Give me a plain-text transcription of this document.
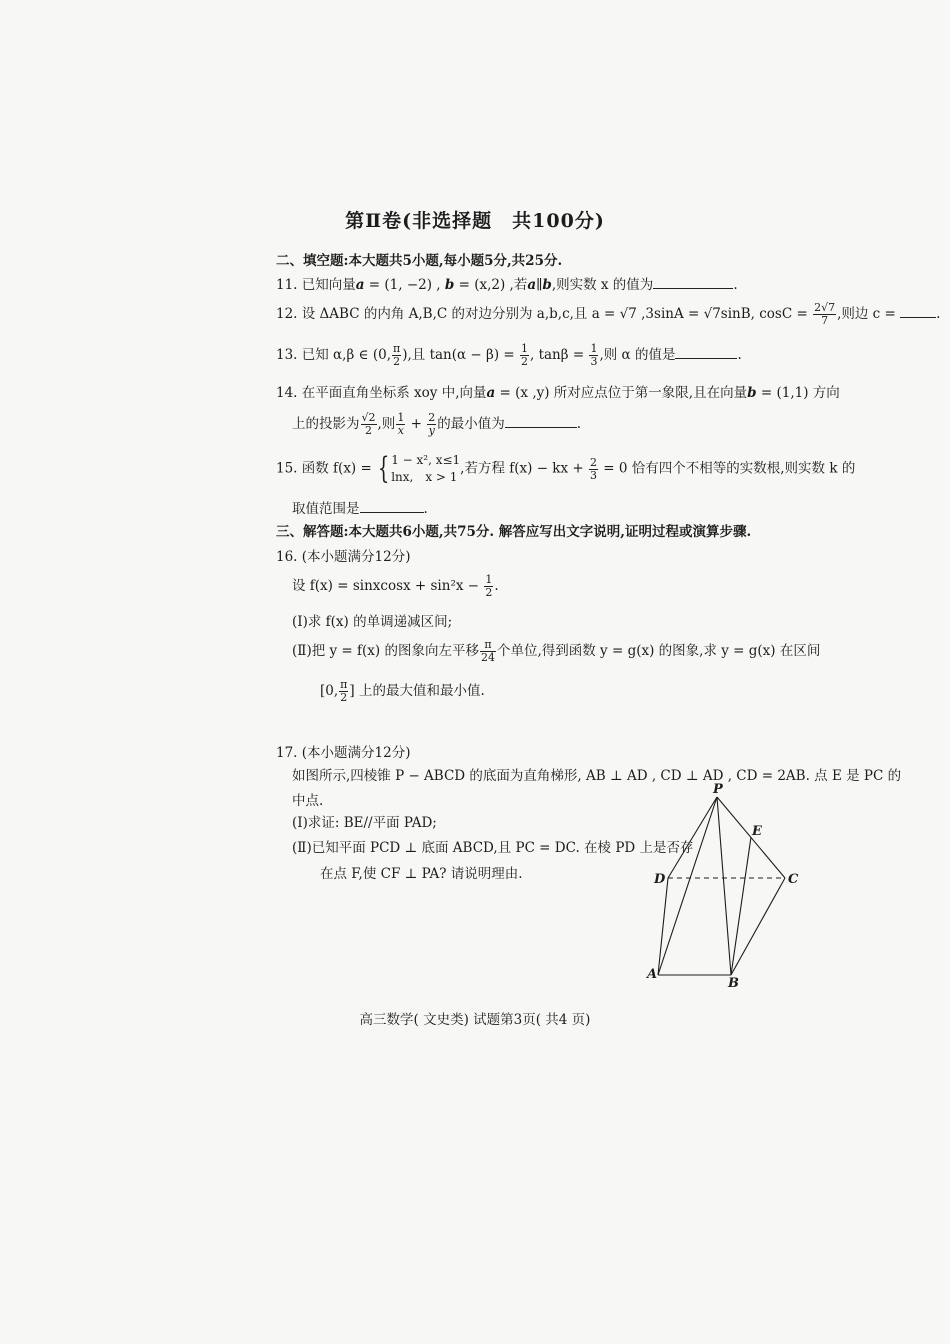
第Ⅱ卷(非选择题　共100分)
二、填空题:本大题共5小题,每小题5分,共25分.
11. 已知向量a = (1, −2) , b = (x,2) ,若a∥b,则实数 x 的值为	.
12. 设 ΔABC 的内角 A,B,C 的对边分别为 a,b,c,且 a = √7 ,3sinA = √7sinB, $\cos C = \frac{2√7}{7}$ ,则边 c =	.
13. 已知 α,β ∈ (0, $\frac{\pi}{2}$ ),且 $\tan(\alpha - \beta) = \frac{1}{2}$ , $\tan\beta = \frac{1}{3}$ ,则 α 的值是	.
14. 在平面直角坐标系 xoy 中,向量a = (x ,y) 所对应点位于第一象限,且在向量b = (1,1) 方向
上的投影为 $\frac{√2}{2}$ ,则 $\frac{1}{x} + \frac{2}{y}$ 的最小值为	.
15. 函数 f(x) = { 1 − x², x≤1
lnx,　x > 1
,若方程 f(x) − kx + $\frac{2}{3} = 0$ 恰有四个不相等的实数根,则实数 k 的
取值范围是	.
三、解答题:本大题共6小题,共75分. 解答应写出文字说明,证明过程或演算步骤.
16. (本小题满分12分)
设 f(x) = sinxcosx + $\sin^2x - \frac{1}{2}$ .
(Ⅰ)求 f(x) 的单调递减区间;
(Ⅱ)把 y = f(x) 的图象向左平移 $\frac{\pi}{24}$ 个单位,得到函数 y = g(x) 的图象,求 y = g(x) 在区间
[0, $\frac{\pi}{2}$ ] 上的最大值和最小值.
17. (本小题满分12分)
如图所示,四棱锥 P − ABCD 的底面为直角梯形, AB ⊥ AD , CD ⊥ AD , CD = 2AB. 点 E 是 PC 的
中点.
(Ⅰ)求证: BE//平面 PAD;
(Ⅱ)已知平面 PCD ⊥ 底面 ABCD,且 PC = DC. 在棱 PD 上是否存
在点 F,使 CF ⊥ PA? 请说明理由.
P
E
D	C
A
B
高三数学( 文史类) 试题第3页( 共4 页)
